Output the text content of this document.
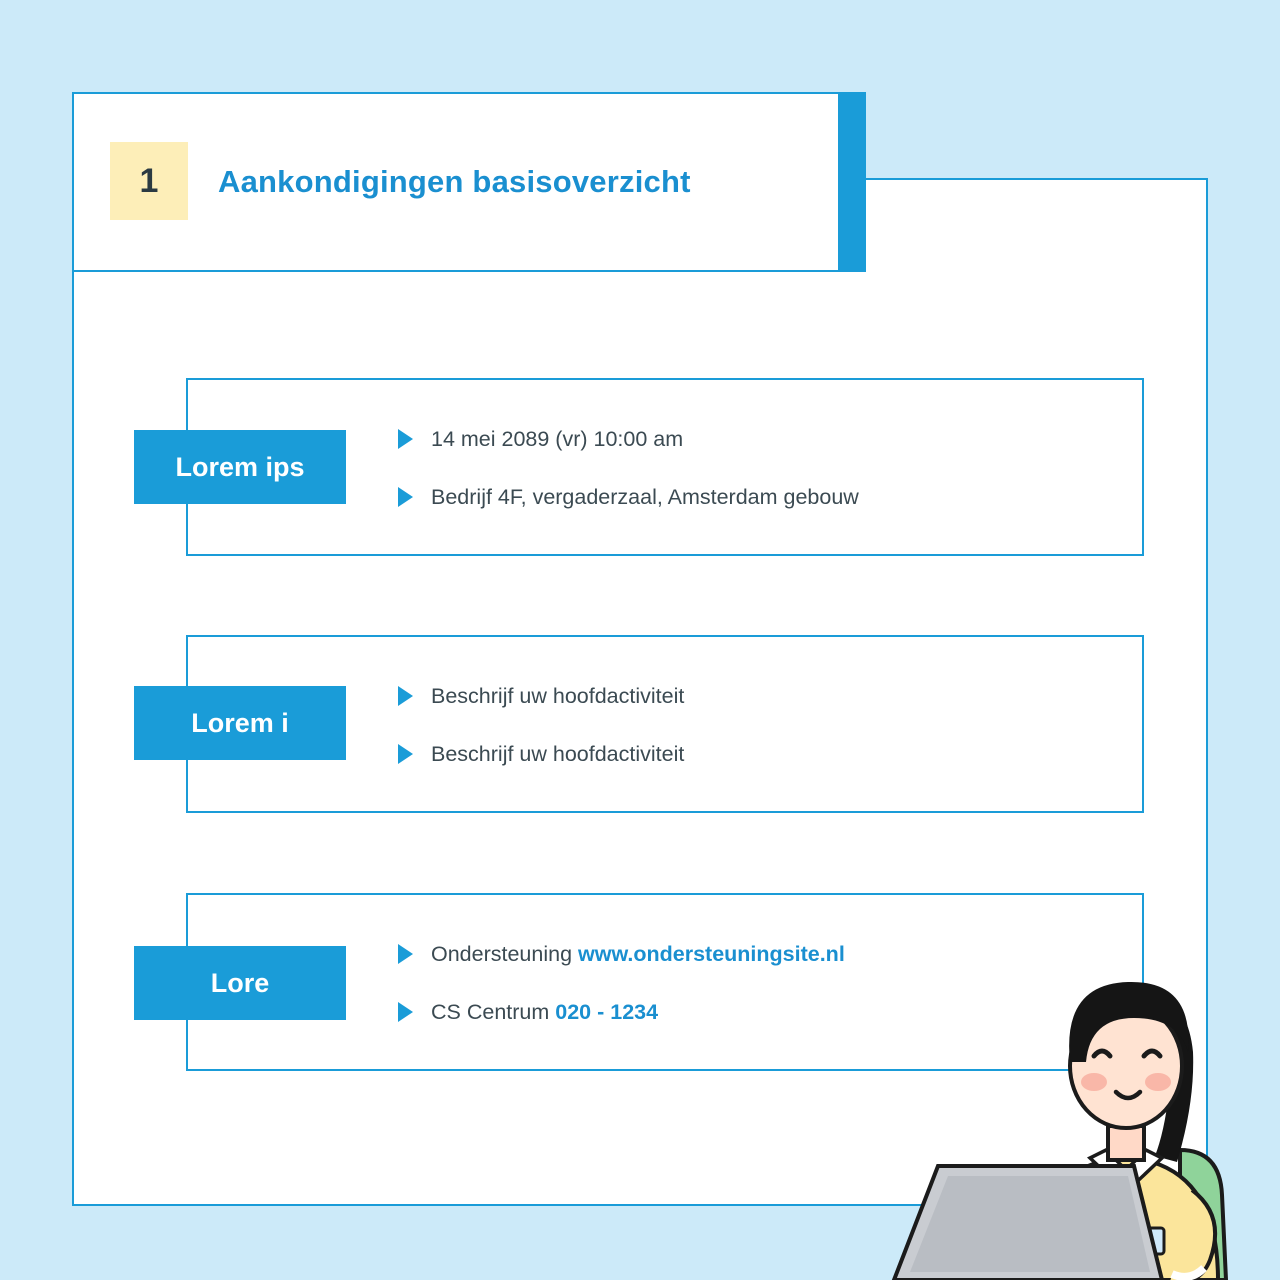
1 Aankondigingen basisoverzicht
14 mei 2089 (vr) 10:00 am
Bedrijf 4F, vergaderzaal, Amsterdam gebouw
Lorem ips
Beschrijf uw hoofdactiviteit
Beschrijf uw hoofdactiviteit
Lorem i
Ondersteuning www.ondersteuningsite.nl
CS Centrum 020 - 1234
Lore
